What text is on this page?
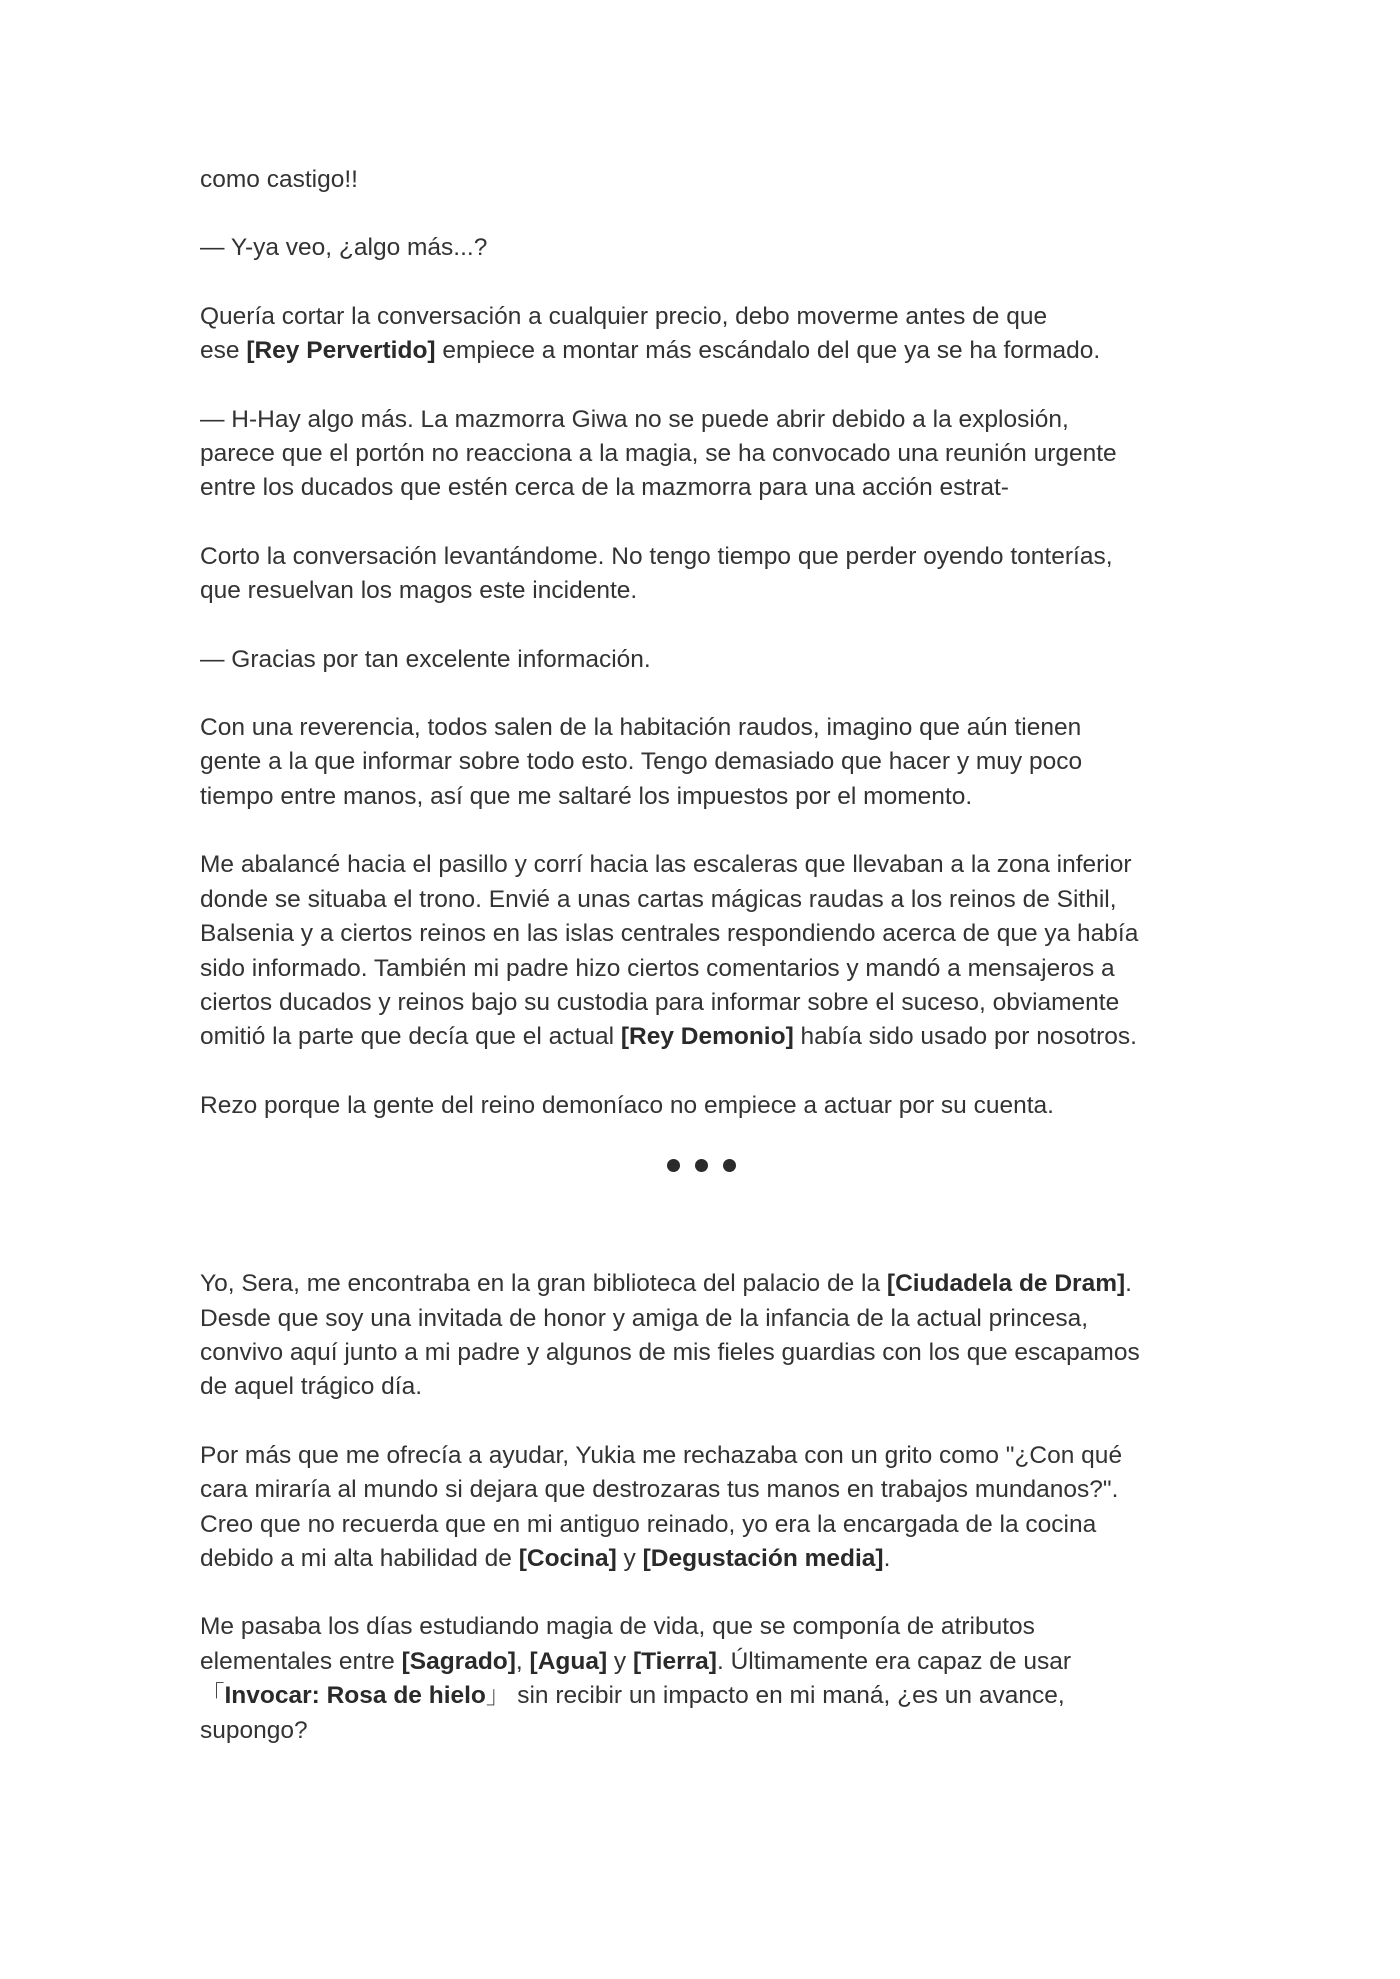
como castigo!!

— Y-ya veo, ¿algo más...?

Quería cortar la conversación a cualquier precio, debo moverme antes de que
ese [Rey Pervertido] empiece a montar más escándalo del que ya se ha formado.

— H-Hay algo más. La mazmorra Giwa no se puede abrir debido a la explosión,
parece que el portón no reacciona a la magia, se ha convocado una reunión urgente
entre los ducados que estén cerca de la mazmorra para una acción estrat-

Corto la conversación levantándome. No tengo tiempo que perder oyendo tonterías,
que resuelvan los magos este incidente.

— Gracias por tan excelente información.

Con una reverencia, todos salen de la habitación raudos, imagino que aún tienen
gente a la que informar sobre todo esto. Tengo demasiado que hacer y muy poco
tiempo entre manos, así que me saltaré los impuestos por el momento.

Me abalancé hacia el pasillo y corrí hacia las escaleras que llevaban a la zona inferior
donde se situaba el trono. Envié a unas cartas mágicas raudas a los reinos de Sithil,
Balsenia y a ciertos reinos en las islas centrales respondiendo acerca de que ya había
sido informado. También mi padre hizo ciertos comentarios y mandó a mensajeros a
ciertos ducados y reinos bajo su custodia para informar sobre el suceso, obviamente
omitió la parte que decía que el actual [Rey Demonio] había sido usado por nosotros.

Rezo porque la gente del reino demoníaco no empiece a actuar por su cuenta.

Yo, Sera, me encontraba en la gran biblioteca del palacio de la [Ciudadela de Dram].
Desde que soy una invitada de honor y amiga de la infancia de la actual princesa,
convivo aquí junto a mi padre y algunos de mis fieles guardias con los que escapamos
de aquel trágico día.

Por más que me ofrecía a ayudar, Yukia me rechazaba con un grito como "¿Con qué
cara miraría al mundo si dejara que destrozaras tus manos en trabajos mundanos?".
Creo que no recuerda que en mi antiguo reinado, yo era la encargada de la cocina
debido a mi alta habilidad de [Cocina] y [Degustación media].

Me pasaba los días estudiando magia de vida, que se componía de atributos
elementales entre [Sagrado], [Agua] y [Tierra]. Últimamente era capaz de usar
「Invocar: Rosa de hielo」 sin recibir un impacto en mi maná, ¿es un avance,
supongo?
